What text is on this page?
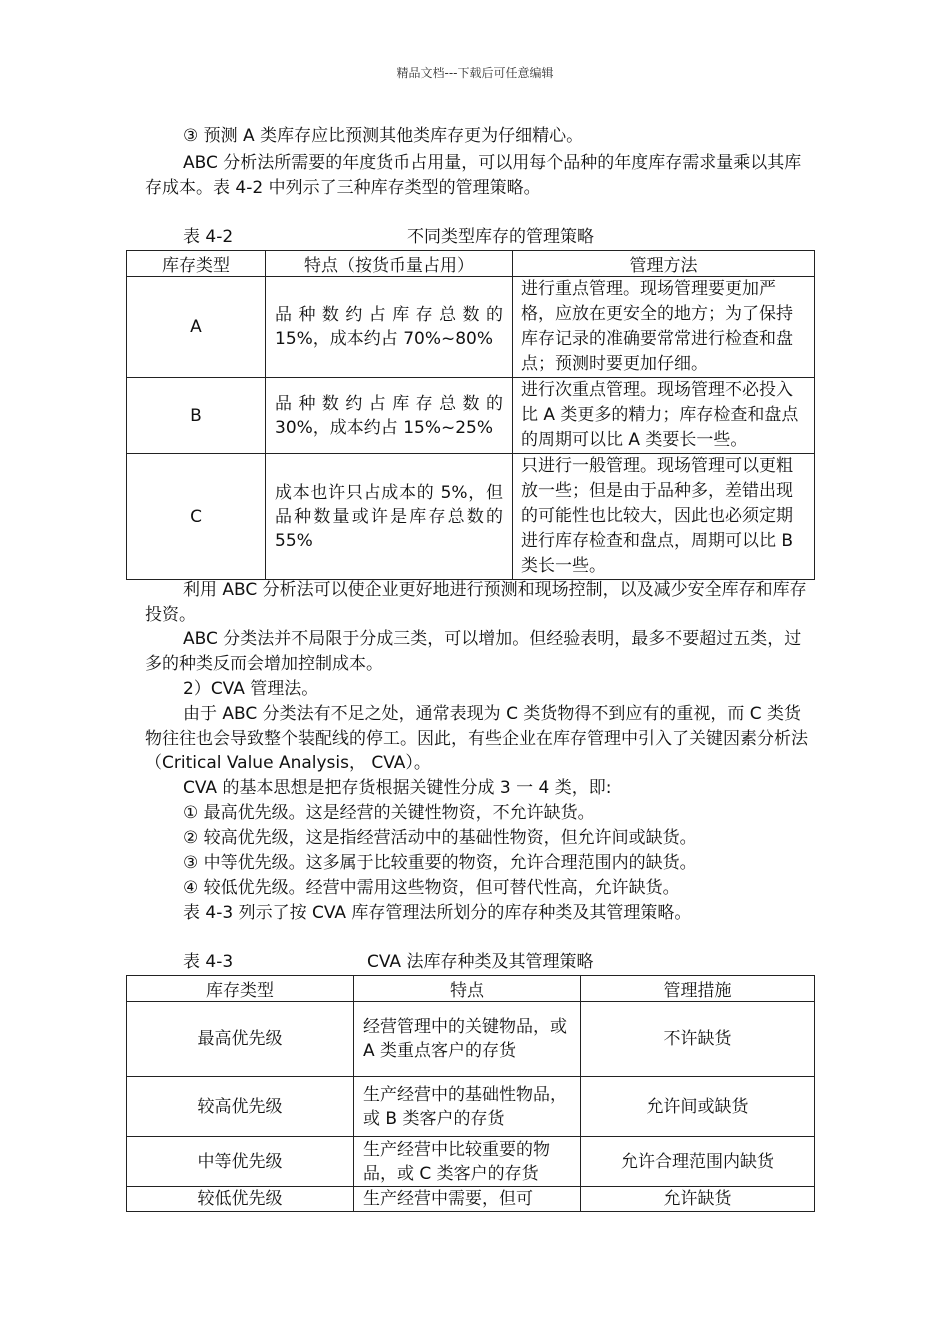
精品文档---下载后可任意编辑

③ 预测 A 类库存应比预测其他类库存更为仔细精心。

ABC 分析法所需要的年度货币占用量，可以用每个品种的年度库存需求量乘以其库存成本。表 4-2 中列示了三种库存类型的管理策略。

表 4-2	不同类型库存的管理策略
库存类型	特点（按货币量占用）	管理方法
A	品种数约占库存总数的 15%，成本约占 70%~80%	进行重点管理。现场管理要更加严格，应放在更安全的地方；为了保持库存记录的准确要常常进行检查和盘点；预测时要更加仔细。
B	品种数约占库存总数的 30%，成本约占 15%~25%	进行次重点管理。现场管理不必投入比 A 类更多的精力；库存检查和盘点的周期可以比 A 类要长一些。
C	成本也许只占成本的 5%，但品种数量或许是库存总数的 55%	只进行一般管理。现场管理可以更粗放一些；但是由于品种多，差错出现的可能性也比较大，因此也必须定期进行库存检查和盘点，周期可以比 B 类长一些。

利用 ABC 分析法可以使企业更好地进行预测和现场控制，以及减少安全库存和库存投资。

ABC 分类法并不局限于分成三类，可以增加。但经验表明，最多不要超过五类，过多的种类反而会增加控制成本。

2）CVA 管理法。

由于 ABC 分类法有不足之处，通常表现为 C 类货物得不到应有的重视，而 C 类货物往往也会导致整个装配线的停工。因此，有些企业在库存管理中引入了关键因素分析法（Critical Value Analysis， CVA）。

CVA 的基本思想是把存货根据关键性分成 3 一 4 类，即:

① 最高优先级。这是经营的关键性物资，不允许缺货。

② 较高优先级，这是指经营活动中的基础性物资，但允许间或缺货。

③ 中等优先级。这多属于比较重要的物资，允许合理范围内的缺货。

④ 较低优先级。经营中需用这些物资，但可替代性高，允许缺货。

表 4-3 列示了按 CVA 库存管理法所划分的库存种类及其管理策略。

表 4-3	CVA 法库存种类及其管理策略
库存类型	特点	管理措施
最高优先级	经营管理中的关键物品，或 A 类重点客户的存货	不许缺货
较高优先级	生产经营中的基础性物品，或 B 类客户的存货	允许间或缺货
中等优先级	生产经营中比较重要的物品，或 C 类客户的存货	允许合理范围内缺货
较低优先级	生产经营中需要，但可	允许缺货
